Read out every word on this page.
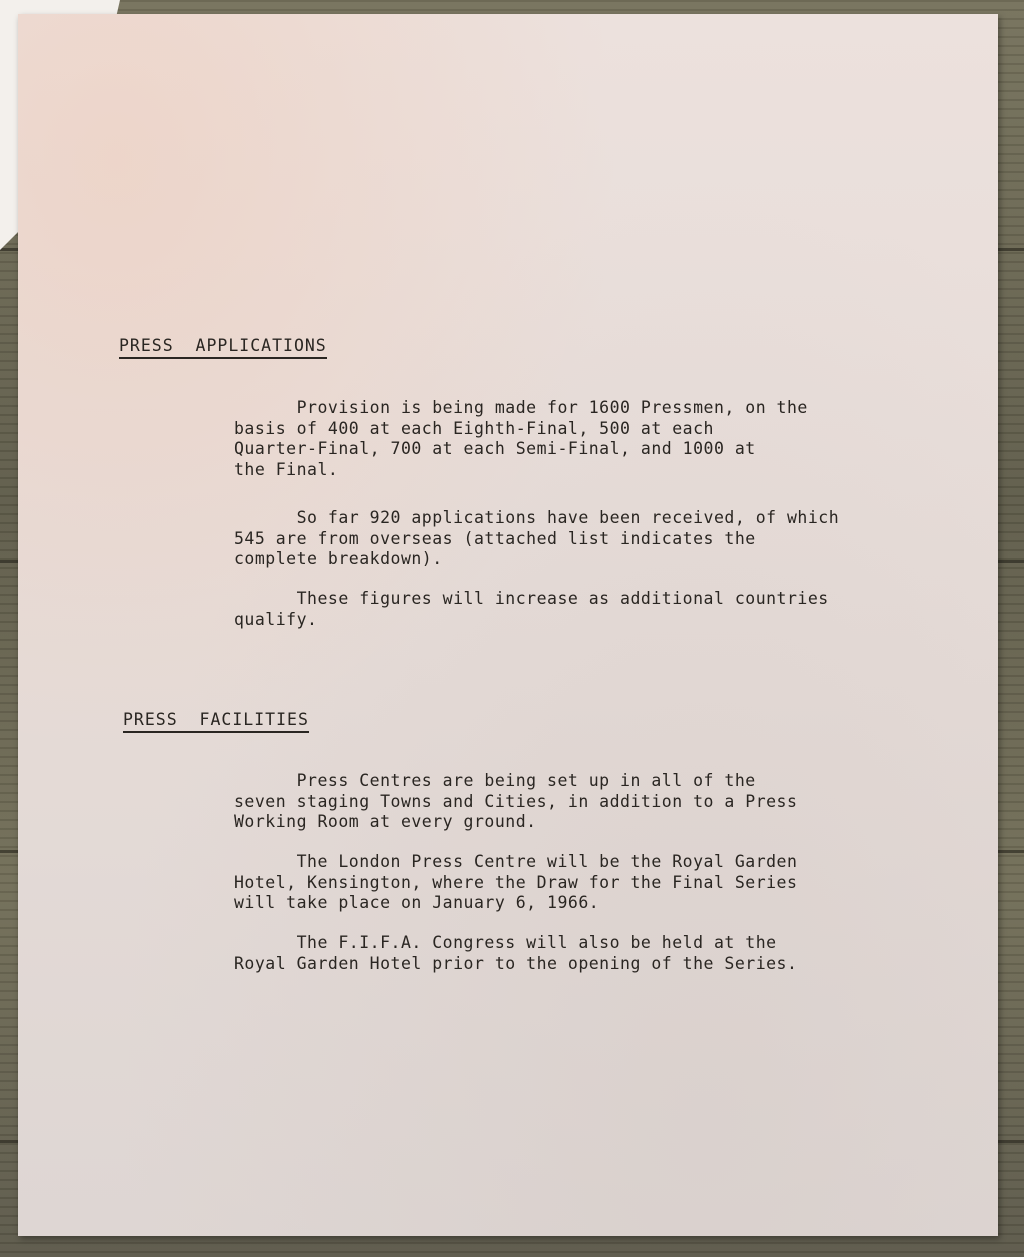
PRESS  APPLICATIONS
Provision is being made for 1600 Pressmen, on the
basis of 400 at each Eighth-Final, 500 at each
Quarter-Final, 700 at each Semi-Final, and 1000 at
the Final.
So far 920 applications have been received, of which
545 are from overseas (attached list indicates the
complete breakdown).
These figures will increase as additional countries
qualify.
PRESS  FACILITIES
Press Centres are being set up in all of the
seven staging Towns and Cities, in addition to a Press
Working Room at every ground.
The London Press Centre will be the Royal Garden
Hotel, Kensington, where the Draw for the Final Series
will take place on January 6, 1966.
The F.I.F.A. Congress will also be held at the
Royal Garden Hotel prior to the opening of the Series.
